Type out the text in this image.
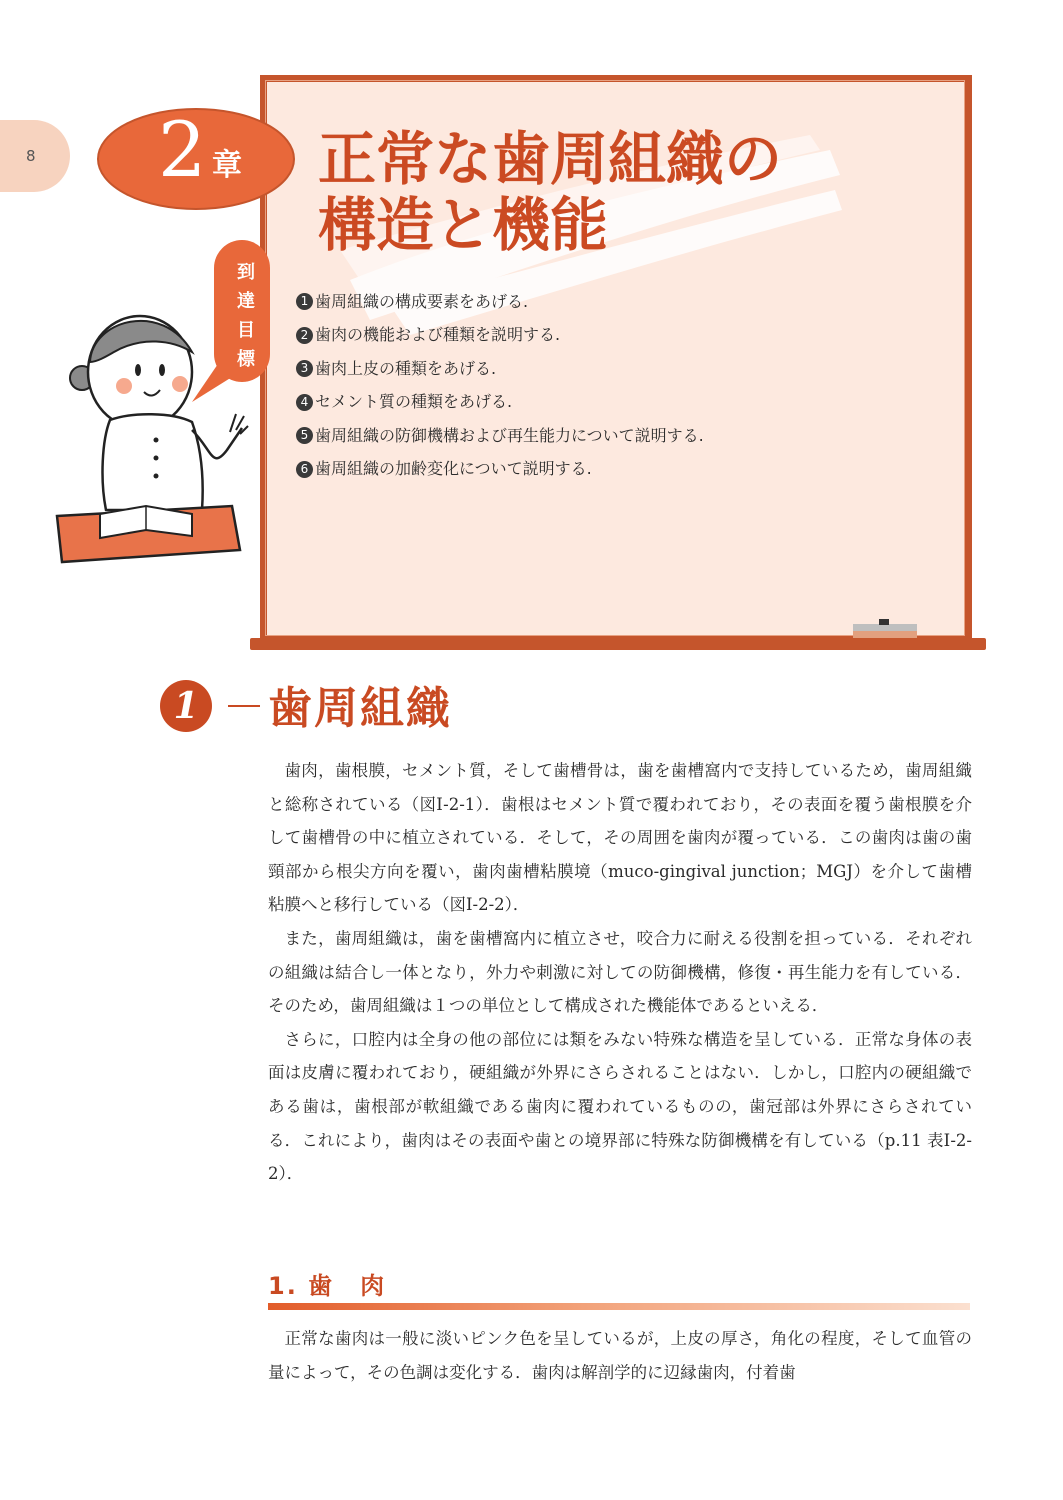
8 2 章 正常な歯周組織の
構造と機能
到
達
目
標
1 歯周組織の構成要素をあげる.
2 歯肉の機能および種類を説明する.
3 歯肉上皮の種類をあげる.
4 セメント質の種類をあげる.
5 歯周組織の防御機構および再生能力について説明する.
6 歯周組織の加齢変化について説明する.
1	歯周組織

歯肉，歯根膜，セメント質，そして歯槽骨は，歯を歯槽窩内で支持しているため，歯周組織と総称されている（図Ⅰ-2-1）．歯根はセメント質で覆われており，その表面を覆う歯根膜を介して歯槽骨の中に植立されている．そして，その周囲を歯肉が覆っている．この歯肉は歯の歯頸部から根尖方向を覆い，歯肉歯槽粘膜境（muco-gingival junction；MGJ）を介して歯槽粘膜へと移行している（図Ⅰ-2-2）．

また，歯周組織は，歯を歯槽窩内に植立させ，咬合力に耐える役割を担っている．それぞれの組織は結合し一体となり，外力や刺激に対しての防御機構，修復・再生能力を有している．そのため，歯周組織は１つの単位として構成された機能体であるといえる．

さらに，口腔内は全身の他の部位には類をみない特殊な構造を呈している．正常な身体の表面は皮膚に覆われており，硬組織が外界にさらされることはない．しかし，口腔内の硬組織である歯は，歯根部が軟組織である歯肉に覆われているものの，歯冠部は外界にさらされている．これにより，歯肉はその表面や歯との境界部に特殊な防御機構を有している（p.11 表Ⅰ-2-2）．

1. 歯　肉

正常な歯肉は一般に淡いピンク色を呈しているが，上皮の厚さ，角化の程度，そして血管の量によって，その色調は変化する．歯肉は解剖学的に辺縁歯肉，付着歯
